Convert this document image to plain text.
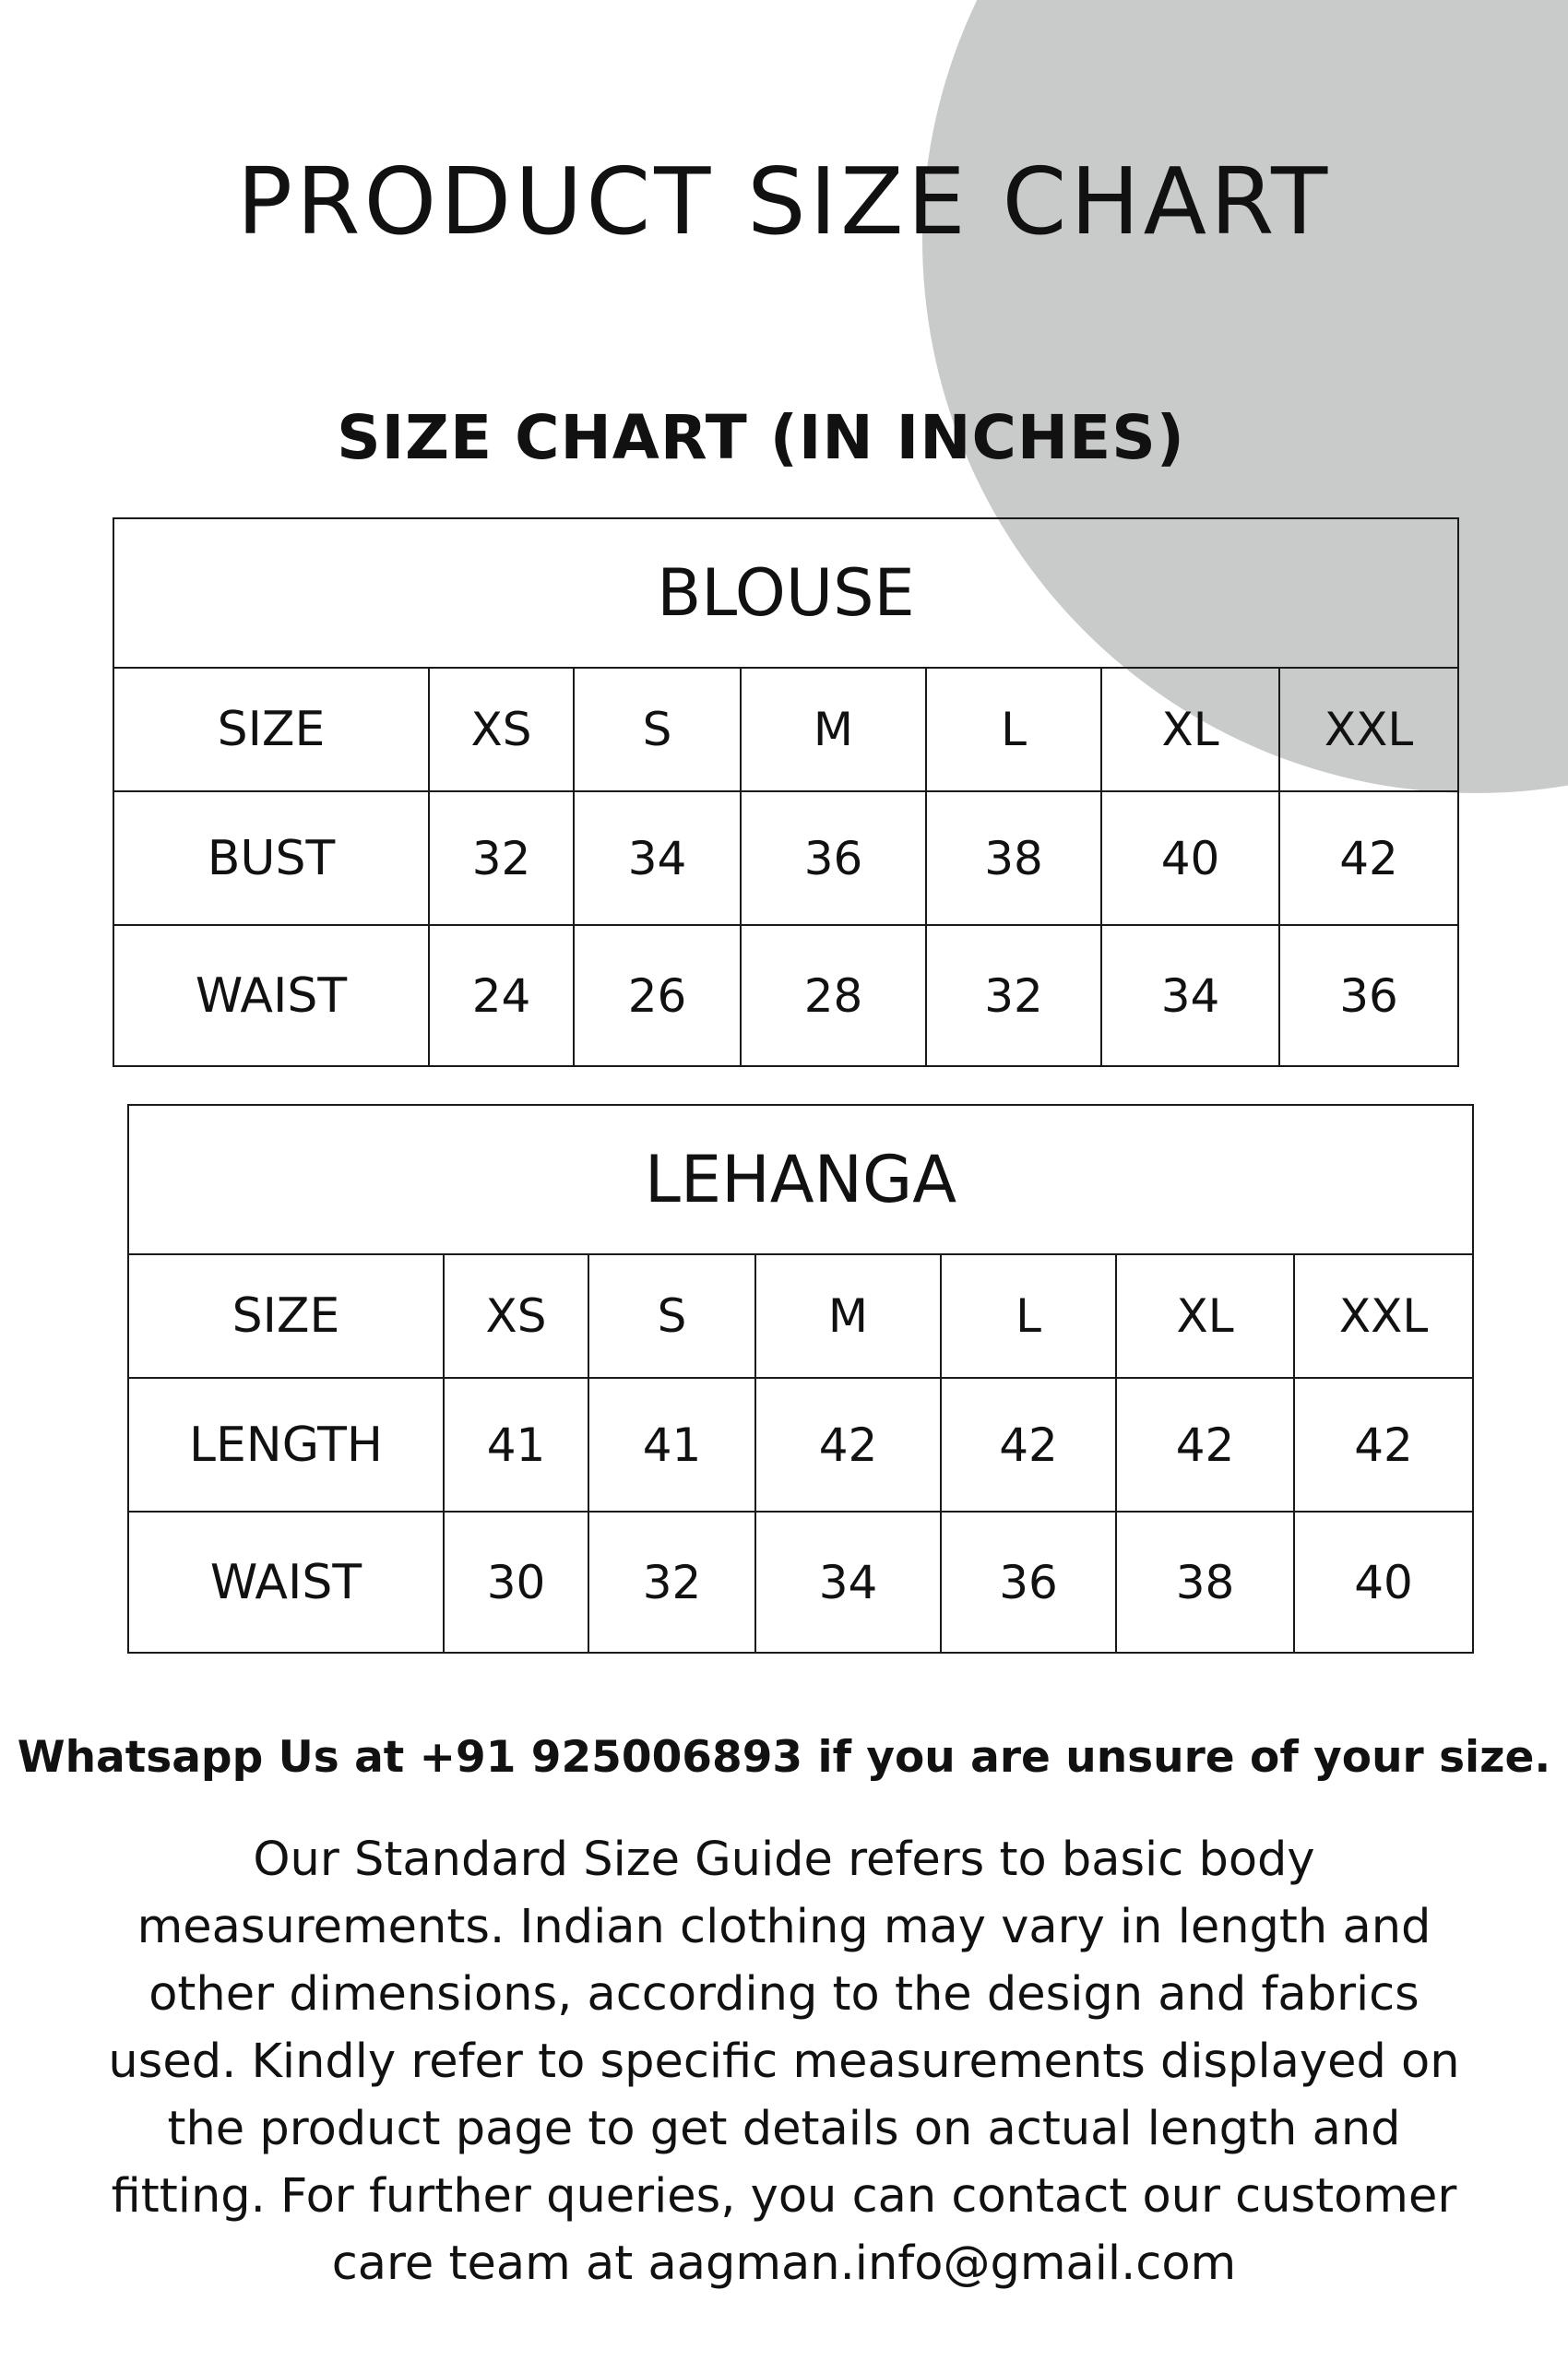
PRODUCT SIZE CHART
SIZE CHART (IN INCHES)
BLOUSE						
SIZE	XS	S	M	L	XL	XXL
BUST	32	34	36	38	40	42
WAIST	24	26	28	32	34	36
LEHANGA						
SIZE	XS	S	M	L	XL	XXL
LENGTH	41	41	42	42	42	42
WAIST	30	32	34	36	38	40

Whatsapp Us at +91 925006893 if you are unsure of your size.

Our Standard Size Guide refers to basic body measurements. Indian clothing may vary in length and other dimensions, according to the design and fabrics used. Kindly refer to specific measurements displayed on the product page to get details on actual length and fitting. For further queries, you can contact our customer care team at aagman.info@gmail.com
